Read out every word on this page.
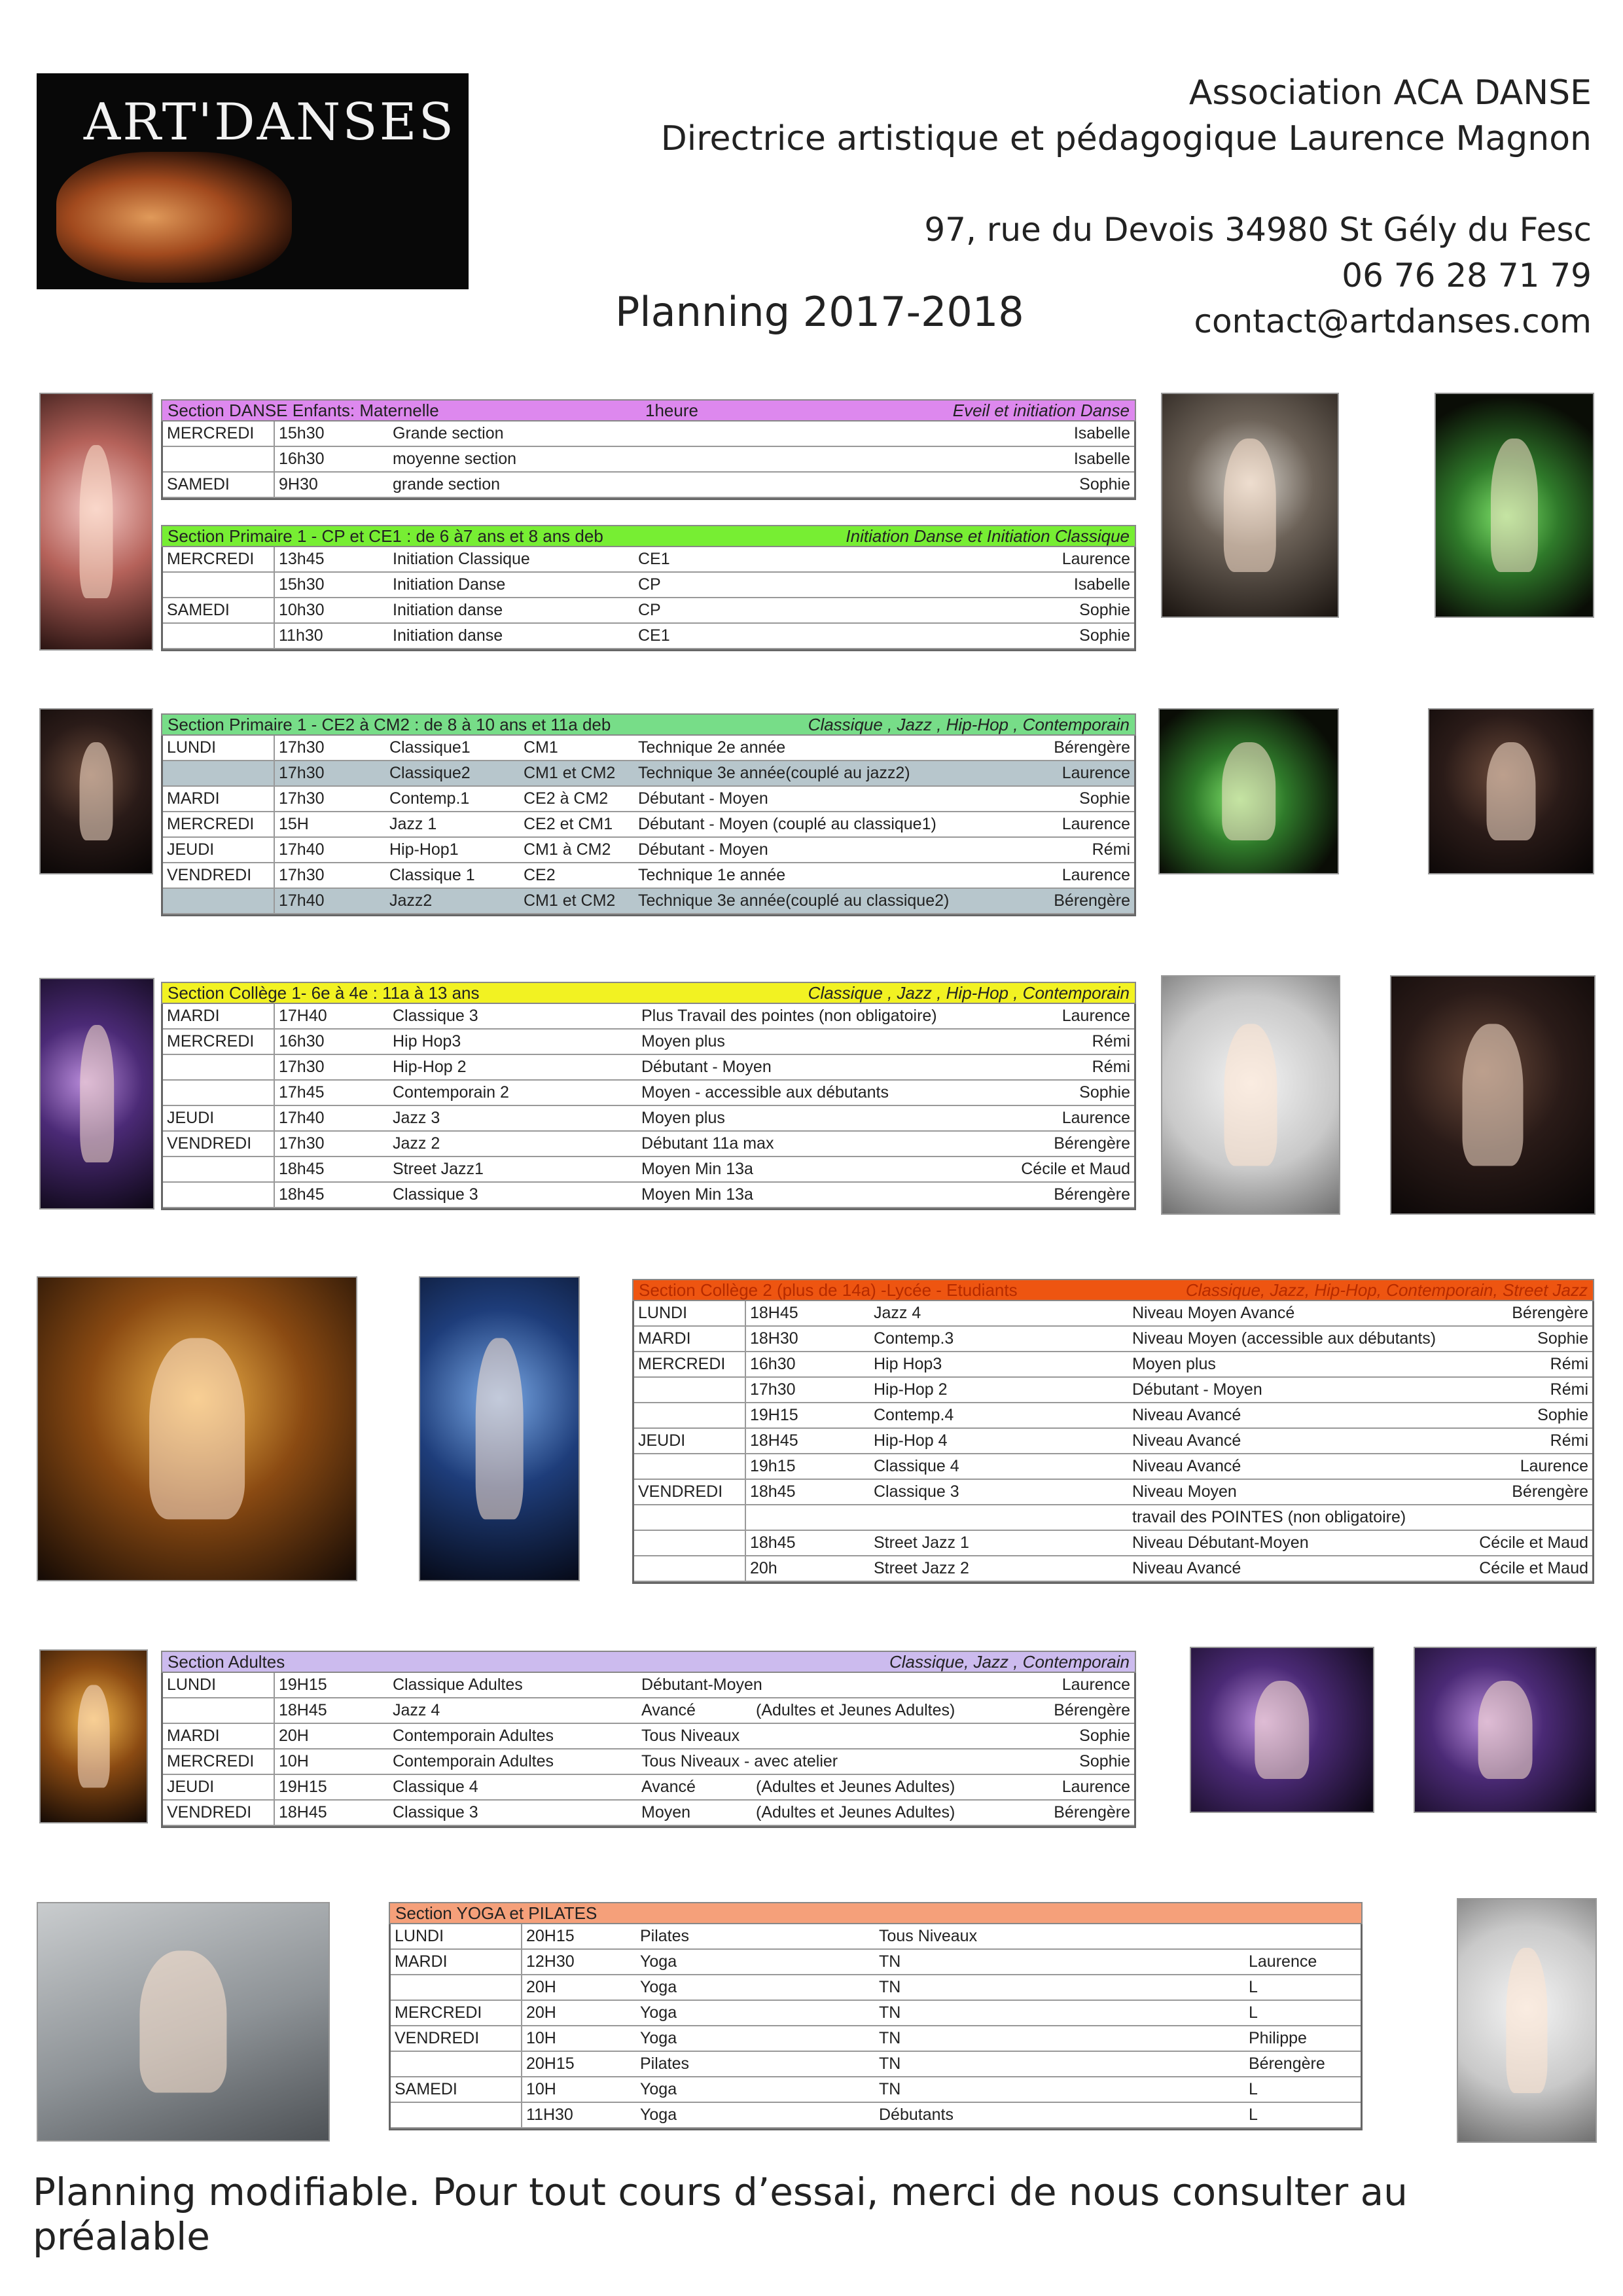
ART'DANSES	Association ACA DANSE
Directrice artistique et pédagogique Laurence Magnon
97, rue du Devois 34980 St Gély du Fesc
06 76 28 71 79
contact@artdanses.com
Planning 2017-2018
Section DANSE Enfants: Maternelle	1heure	Eveil et initiation Danse
MERCREDI	15h30	Grande section		Isabelle
	16h30	moyenne section		Isabelle
SAMEDI	9H30	grande section		Sophie
Section Primaire 1 - CP et CE1 : de 6 à7 ans et 8 ans deb	Initiation Danse et Initiation Classique
MERCREDI	13h45	Initiation Classique	CE1	Laurence
	15h30	Initiation Danse	CP	Isabelle
SAMEDI	10h30	Initiation danse	CP	Sophie
	11h30	Initiation danse	CE1	Sophie
Section Primaire 1 - CE2 à CM2 : de 8 à 10 ans et 11a deb	Classique , Jazz , Hip-Hop , Contemporain
LUNDI	17h30	Classique1	CM1	Technique 2e année	Bérengère
	17h30	Classique2	CM1 et CM2	Technique 3e année(couplé au jazz2)	Laurence
MARDI	17h30	Contemp.1	CE2 à CM2	Débutant - Moyen	Sophie
MERCREDI	15H	Jazz 1	CE2 et CM1	Débutant - Moyen (couplé au classique1)	Laurence
JEUDI	17h40	Hip-Hop1	CM1 à CM2	Débutant - Moyen	Rémi
VENDREDI	17h30	Classique 1	CE2	Technique 1e année	Laurence
	17h40	Jazz2	CM1 et CM2	Technique 3e année(couplé au classique2)	Bérengère
Section Collège 1- 6e à 4e : 11a à 13 ans	Classique , Jazz , Hip-Hop , Contemporain
MARDI	17H40	Classique 3	Plus Travail des pointes (non obligatoire)	Laurence
MERCREDI	16h30	Hip Hop3	Moyen plus	Rémi
	17h30	Hip-Hop 2	Débutant - Moyen	Rémi
	17h45	Contemporain 2	Moyen - accessible aux débutants	Sophie
JEUDI	17h40	Jazz 3	Moyen plus	Laurence
VENDREDI	17h30	Jazz 2	Débutant 11a max	Bérengère
	18h45	Street Jazz1	Moyen Min 13a	Cécile et Maud
	18h45	Classique 3	Moyen Min 13a	Bérengère
Section Collège 2 (plus de 14a) -Lycée - Etudiants	Classique, Jazz, Hip-Hop, Contemporain, Street Jazz
LUNDI	18H45	Jazz 4	Niveau Moyen Avancé	Bérengère
MARDI	18H30	Contemp.3	Niveau Moyen (accessible aux débutants)	Sophie
MERCREDI	16h30	Hip Hop3	Moyen plus	Rémi
	17h30	Hip-Hop 2	Débutant - Moyen	Rémi
	19H15	Contemp.4	Niveau Avancé	Sophie
JEUDI	18H45	Hip-Hop 4	Niveau Avancé	Rémi
	19h15	Classique 4	Niveau Avancé	Laurence
VENDREDI	18h45	Classique 3	Niveau Moyen	Bérengère
			travail des POINTES (non obligatoire)	
	18h45	Street Jazz 1	Niveau Débutant-Moyen	Cécile et Maud
	20h	Street Jazz 2	Niveau Avancé	Cécile et Maud
Section Adultes	Classique, Jazz , Contemporain
LUNDI	19H15	Classique Adultes	Débutant-Moyen		Laurence
	18H45	Jazz 4	Avancé	(Adultes et Jeunes Adultes)	Bérengère
MARDI	20H	Contemporain Adultes	Tous Niveaux		Sophie
MERCREDI	10H	Contemporain Adultes	Tous Niveaux - avec atelier		Sophie
JEUDI	19H15	Classique 4	Avancé	(Adultes et Jeunes Adultes)	Laurence
VENDREDI	18H45	Classique 3	Moyen	(Adultes et Jeunes Adultes)	Bérengère
Section YOGA et PILATES
LUNDI	20H15	Pilates	Tous Niveaux	
MARDI	12H30	Yoga	TN	Laurence
	20H	Yoga	TN	L
MERCREDI	20H	Yoga	TN	L
VENDREDI	10H	Yoga	TN	Philippe
	20H15	Pilates	TN	Bérengère
SAMEDI	10H	Yoga	TN	L
	11H30	Yoga	Débutants	L
Planning modifiable. Pour tout cours d’essai, merci de nous consulter au préalable
